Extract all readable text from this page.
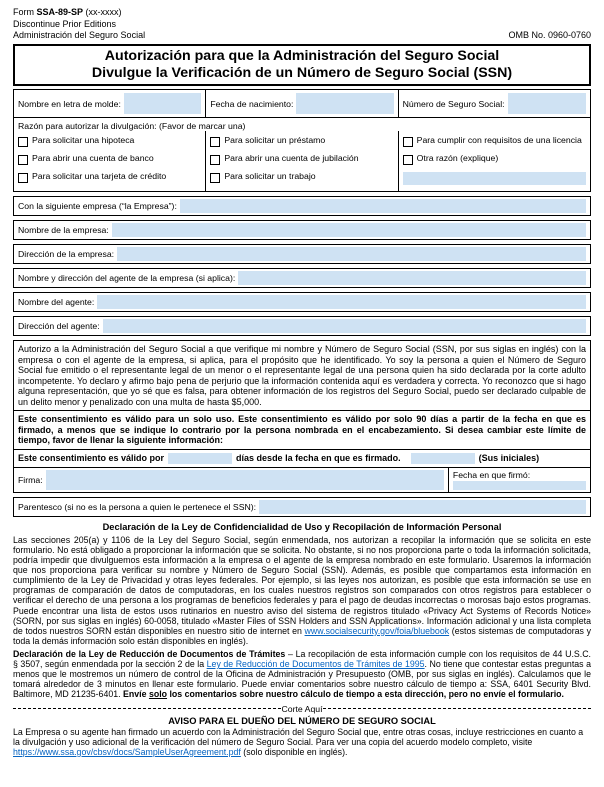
Form SSA-89-SP (xx-xxxx)
Discontinue Prior Editions
Administración del Seguro Social	OMB No. 0960-0760
Autorización para que la Administración del Seguro Social
Divulgue la Verificación de un Número de Seguro Social (SSN)
Nombre en letra de molde:	Fecha de nacimiento:	Número de Seguro Social:
Razón para autorizar la divulgación: (Favor de marcar una)
Para solicitar una hipoteca
Para abrir una cuenta de banco
Para solicitar una tarjeta de crédito
Para solicitar un préstamo
Para abrir una cuenta de jubilación
Para solicitar un trabajo
Para cumplir con requisitos de una licencia
Otra razón (explique)
Con la siguiente empresa (“la Empresa”):
Nombre de la empresa:
Dirección de la empresa:
Nombre y dirección del agente de la empresa (si aplica):
Nombre del agente:
Dirección del agente:
Autorizo a la Administración del Seguro Social a que verifique mi nombre y Número de Seguro Social (SSN, por sus siglas en inglés) con la empresa o con el agente de la empresa, si aplica, para el propósito que he identificado. Yo soy la persona a quien el Número de Seguro Social fue emitido o el representante legal de un menor o el representante legal de una persona quien ha sido declarada por la corte adulto incompetente. Yo declaro y afirmo bajo pena de perjurio que la información contenida aquí es verdadera y correcta. Yo reconozco que si hago alguna representación, que yo sé que es falsa, para obtener información de los registros del Seguro Social, puedo ser declarado culpable de un delito menor y penalizado con una multa de hasta $5,000.
Este consentimiento es válido para un solo uso. Este consentimiento es válido por solo 90 días a partir de la fecha en que es firmado, a menos que se indique lo contrario por la persona nombrada en el encabezamiento. Si desea cambiar este límite de tiempo, favor de llenar la siguiente información:
Este consentimiento es válido por	días desde la fecha en que es firmado.	(Sus iniciales)
Firma:	Fecha en que firmó:
Parentesco (si no es la persona a quien le pertenece el SSN):
Declaración de la Ley de Confidencialidad de Uso y Recopilación de Información Personal
Las secciones 205(a) y 1106 de la Ley del Seguro Social, según enmendada, nos autorizan a recopilar la información que se solicita en este formulario. No está obligado a proporcionar la información que se solicita. No obstante, si no nos proporciona parte o toda la información solicitada, podría impedir que divulguemos esta información a la empresa o el agente de la empresa nombrado en este formulario. Usaremos la información que nos proporciona para verificar su nombre y Número de Seguro Social (SSN). Además, es posible que compartamos esta información en cumplimiento de la Ley de Privacidad y otras leyes federales. Por ejemplo, si las leyes nos autorizan, es posible que esta información se use en programas de comparación de datos de computadoras, en los cuales nuestros registros son comparados con otros registros para establecer o verificar el derecho de una persona a los programas de beneficios federales y para el pago de deudas incorrectas o morosas bajo estos programas. Puede encontrar una lista de estos usos rutinarios en nuestro aviso del sistema de registros titulado «Privacy Act Systems of Records Notice» (SORN, por sus siglas en inglés) 60-0058, titulado «Master Files of SSN Holders and SSN Applications». Información adicional y una lista completa de todos nuestros SORN están disponibles en nuestro sitio de internet en www.socialsecurity.gov/foia/bluebook (estos sistemas de computadoras y toda la demás información solo están disponibles en inglés).
Declaración de la Ley de Reducción de Documentos de Trámites – La recopilación de esta información cumple con los requisitos de 44 U.S.C. § 3507, según enmendada por la sección 2 de la Ley de Reducción de Documentos de Trámites de 1995. No tiene que contestar estas preguntas a menos que le mostremos un número de control de la Oficina de Administración y Presupuesto (OMB, por sus siglas en inglés). Calculamos que le tomará alrededor de 3 minutos en llenar este formulario. Puede enviar comentarios sobre nuestro cálculo de tiempo a: SSA, 6401 Security Blvd. Baltimore, MD 21235-6401. Envíe solo los comentarios sobre nuestro cálculo de tiempo a esta dirección, pero no envíe el formulario.
Corte Aquí
AVISO PARA EL DUEÑO DEL NÚMERO DE SEGURO SOCIAL
La Empresa o su agente han firmado un acuerdo con la Administración del Seguro Social que, entre otras cosas, incluye restricciones en cuanto a la divulgación y uso adicional de la verificación del número de Seguro Social. Para ver una copia del acuerdo modelo completo, visite https://www.ssa.gov/cbsv/docs/SampleUserAgreement.pdf (solo disponible en inglés).
